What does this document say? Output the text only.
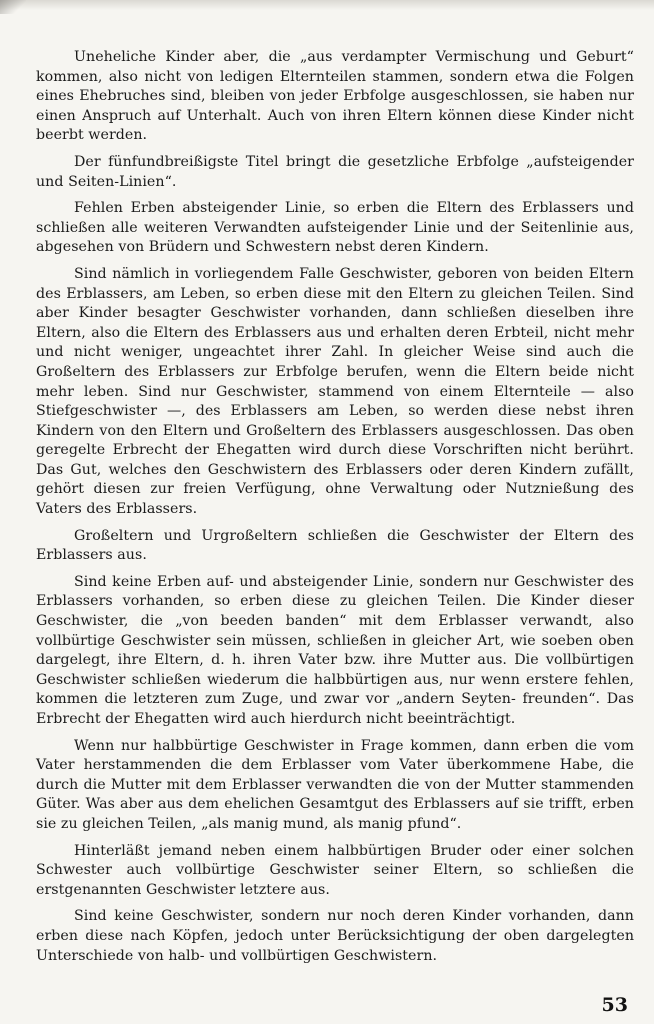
Uneheliche Kinder aber, die „aus verdampter Vermischung und Geburt“ kommen, also nicht von ledigen Elternteilen stammen, sondern etwa die Folgen eines Ehebruches sind, bleiben von jeder Erbfolge ausgeschlossen, sie haben nur einen Anspruch auf Unterhalt. Auch von ihren Eltern können diese Kinder nicht beerbt werden.

Der fünfundbreißigste Titel bringt die gesetzliche Erbfolge „aufsteigender und Seiten-Linien“.

Fehlen Erben absteigender Linie, so erben die Eltern des Erblassers und schließen alle weiteren Verwandten aufsteigender Linie und der Seitenlinie aus, abgesehen von Brüdern und Schwestern nebst deren Kindern.

Sind nämlich in vorliegendem Falle Geschwister, geboren von beiden Eltern des Erblassers, am Leben, so erben diese mit den Eltern zu gleichen Teilen. Sind aber Kinder besagter Geschwister vorhanden, dann schließen dieselben ihre Eltern, also die Eltern des Erblassers aus und erhalten deren Erbteil, nicht mehr und nicht weniger, ungeachtet ihrer Zahl. In gleicher Weise sind auch die Großeltern des Erblassers zur Erbfolge berufen, wenn die Eltern beide nicht mehr leben. Sind nur Geschwister, stammend von einem Elternteile — also Stiefgeschwister —, des Erblassers am Leben, so werden diese nebst ihren Kindern von den Eltern und Großeltern des Erblassers ausgeschlossen. Das oben geregelte Erbrecht der Ehegatten wird durch diese Vorschriften nicht berührt. Das Gut, welches den Geschwistern des Erblassers oder deren Kindern zufällt, gehört diesen zur freien Verfügung, ohne Verwaltung oder Nutznießung des Vaters des Erblassers.

Großeltern und Urgroßeltern schließen die Geschwister der Eltern des Erblassers aus.

Sind keine Erben auf- und absteigender Linie, sondern nur Geschwister des Erblassers vorhanden, so erben diese zu gleichen Teilen. Die Kinder dieser Geschwister, die „von beeden banden“ mit dem Erblasser verwandt, also vollbürtige Geschwister sein müssen, schließen in gleicher Art, wie soeben oben dargelegt, ihre Eltern, d. h. ihren Vater bzw. ihre Mutter aus. Die vollbürtigen Geschwister schließen wiederum die halbbürtigen aus, nur wenn erstere fehlen, kommen die letzteren zum Zuge, und zwar vor „andern Seyten- freunden“. Das Erbrecht der Ehegatten wird auch hierdurch nicht beeinträchtigt.

Wenn nur halbbürtige Geschwister in Frage kommen, dann erben die vom Vater herstammenden die dem Erblasser vom Vater überkommene Habe, die durch die Mutter mit dem Erblasser verwandten die von der Mutter stammenden Güter. Was aber aus dem ehelichen Gesamtgut des Erblassers auf sie trifft, erben sie zu gleichen Teilen, „als manig mund, als manig pfund“.

Hinterläßt jemand neben einem halbbürtigen Bruder oder einer solchen Schwester auch vollbürtige Geschwister seiner Eltern, so schließen die erstgenannten Geschwister letztere aus.

Sind keine Geschwister, sondern nur noch deren Kinder vorhanden, dann erben diese nach Köpfen, jedoch unter Berücksichtigung der oben dargelegten Unterschiede von halb- und vollbürtigen Geschwistern.

53
